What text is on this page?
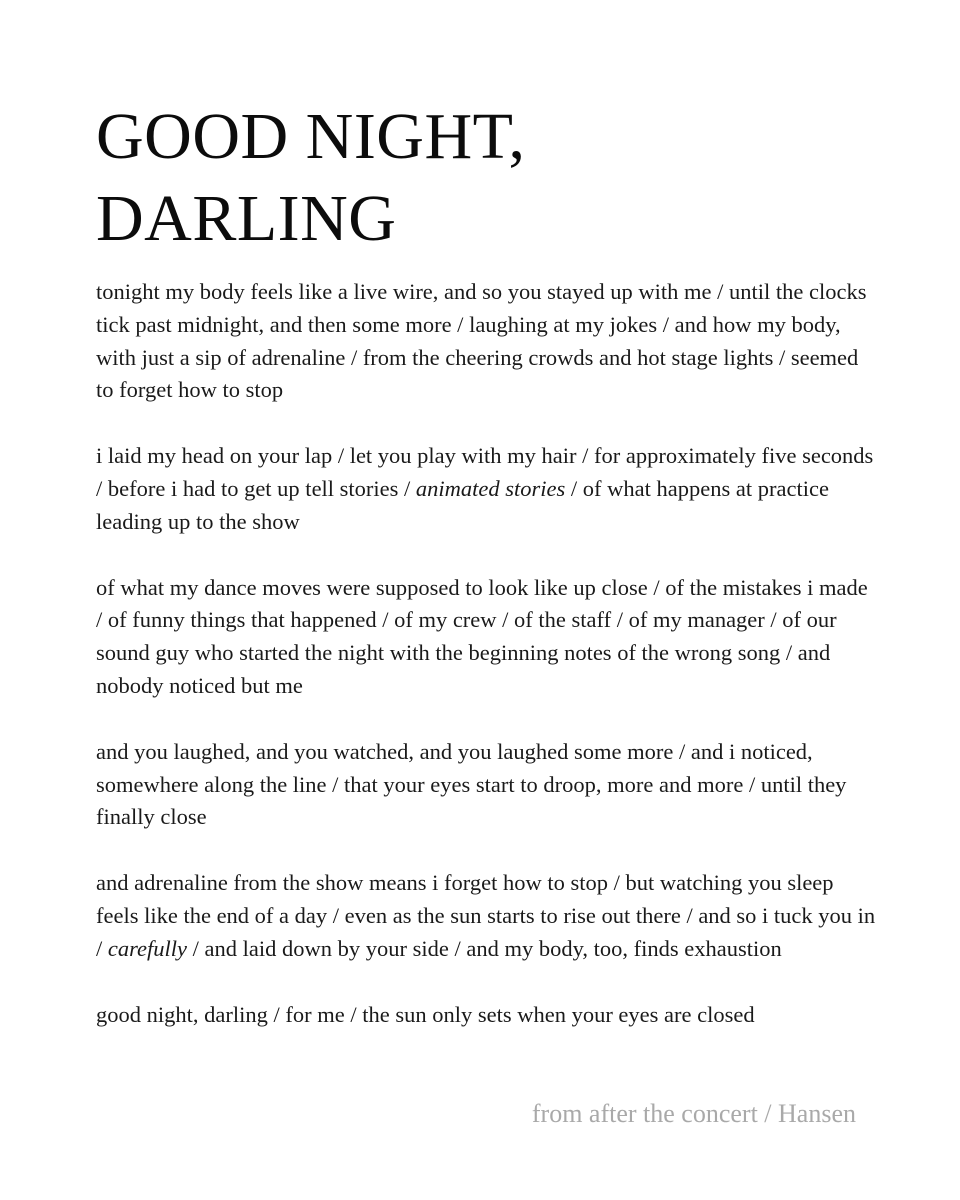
GOOD NIGHT,
DARLING

tonight my body feels like a live wire, and so you stayed up with me / until the clocks tick past midnight, and then some more / laughing at my jokes / and how my body, with just a sip of adrenaline / from the cheering crowds and hot stage lights / seemed to forget how to stop

i laid my head on your lap / let you play with my hair / for approximately five seconds / before i had to get up tell stories / animated stories / of what happens at practice leading up to the show

of what my dance moves were supposed to look like up close / of the mistakes i made / of funny things that happened / of my crew / of the staff / of my manager / of our sound guy who started the night with the beginning notes of the wrong song / and nobody noticed but me

and you laughed, and you watched, and you laughed some more / and i noticed, somewhere along the line / that your eyes start to droop, more and more / until they finally close

and adrenaline from the show means i forget how to stop / but watching you sleep feels like the end of a day / even as the sun starts to rise out there / and so i tuck you in / carefully / and laid down by your side / and my body, too, finds exhaustion

good night, darling / for me / the sun only sets when your eyes are closed

from after the concert / Hansen
